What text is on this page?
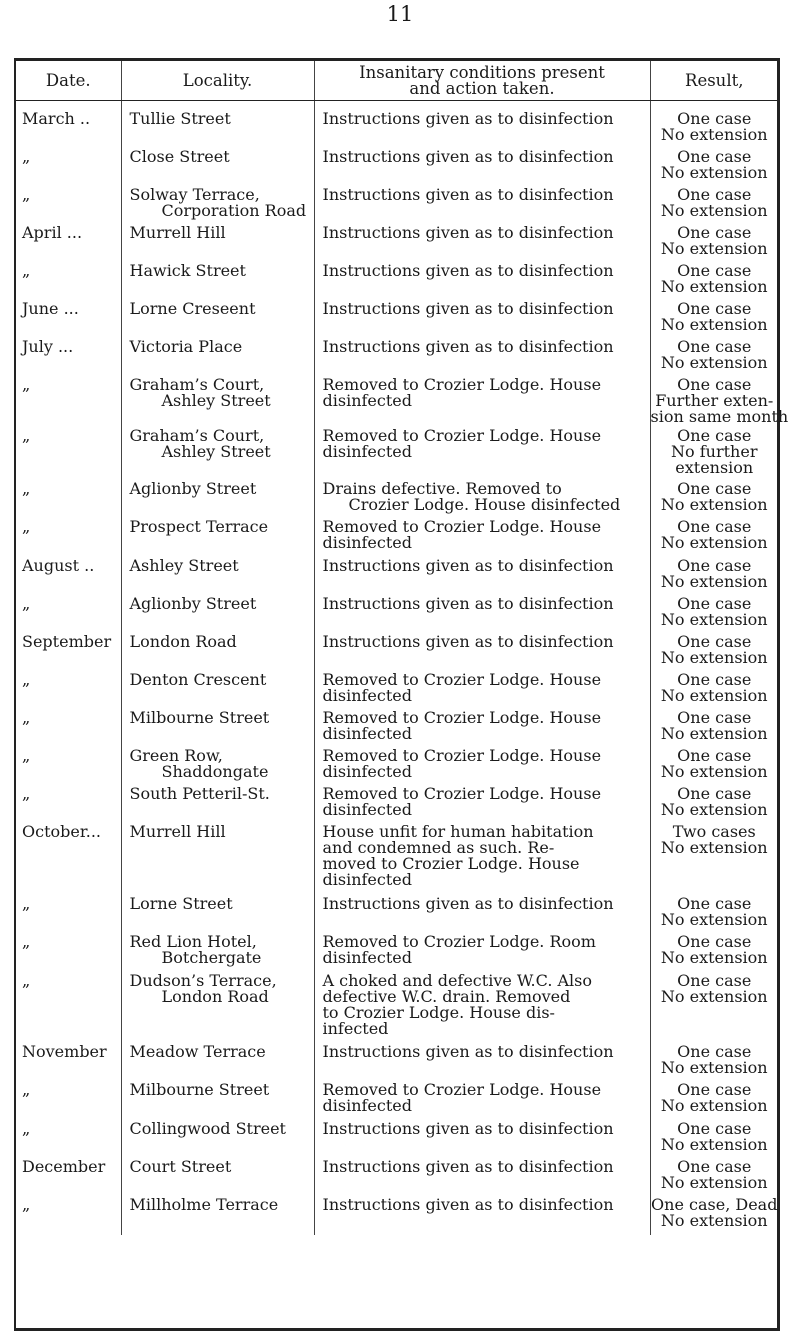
11
Date.	Locality.	Insanitary conditions present
and action taken.	Result,
March ..	Tullie Street	Instructions given as to disinfection	One case
No extension

„	Close Street	Instructions given as to disinfection	One case
No extension

„	Solway Terrace,
Corporation Road	Instructions given as to disinfection	One case
No extension

April ...	Murrell Hill	Instructions given as to disinfection	One case
No extension

„	Hawick Street	Instructions given as to disinfection	One case
No extension

June ...	Lorne Creseent	Instructions given as to disinfection	One case
No extension

July ...	Victoria Place	Instructions given as to disinfection	One case
No extension

„	Graham’s Court,
Ashley Street	Removed to Crozier Lodge. House
disinfected	One case
Further exten-
sion same month

„	Graham’s Court,
Ashley Street	Removed to Crozier Lodge. House
disinfected	One case
No further
extension

„	Aglionby Street	Drains defective. Removed to
Crozier Lodge. House disinfected	One case
No extension

„	Prospect Terrace	Removed to Crozier Lodge. House
disinfected	One case
No extension

August ..	Ashley Street	Instructions given as to disinfection	One case
No extension

„	Aglionby Street	Instructions given as to disinfection	One case
No extension

September	London Road	Instructions given as to disinfection	One case
No extension

„	Denton Crescent	Removed to Crozier Lodge. House
disinfected	One case
No extension

„	Milbourne Street	Removed to Crozier Lodge. House
disinfected	One case
No extension

„	Green Row,
Shaddongate	Removed to Crozier Lodge. House
disinfected	One case
No extension

„	South Petteril-St.	Removed to Crozier Lodge. House
disinfected	One case
No extension

October...	Murrell Hill	House unfit for human habitation
and condemned as such. Re-
moved to Crozier Lodge. House
disinfected	Two cases
No extension

„	Lorne Street	Instructions given as to disinfection	One case
No extension

„	Red Lion Hotel,
Botchergate	Removed to Crozier Lodge. Room
disinfected	One case
No extension

„	Dudson’s Terrace,
London Road	A choked and defective W.C. Also
defective W.C. drain. Removed
to Crozier Lodge. House dis-
infected	One case
No extension

November	Meadow Terrace	Instructions given as to disinfection	One case
No extension

„	Milbourne Street	Removed to Crozier Lodge. House
disinfected	One case
No extension

„	Collingwood Street	Instructions given as to disinfection	One case
No extension

December	Court Street	Instructions given as to disinfection	One case
No extension

„	Millholme Terrace	Instructions given as to disinfection	One case, Dead
No extension
